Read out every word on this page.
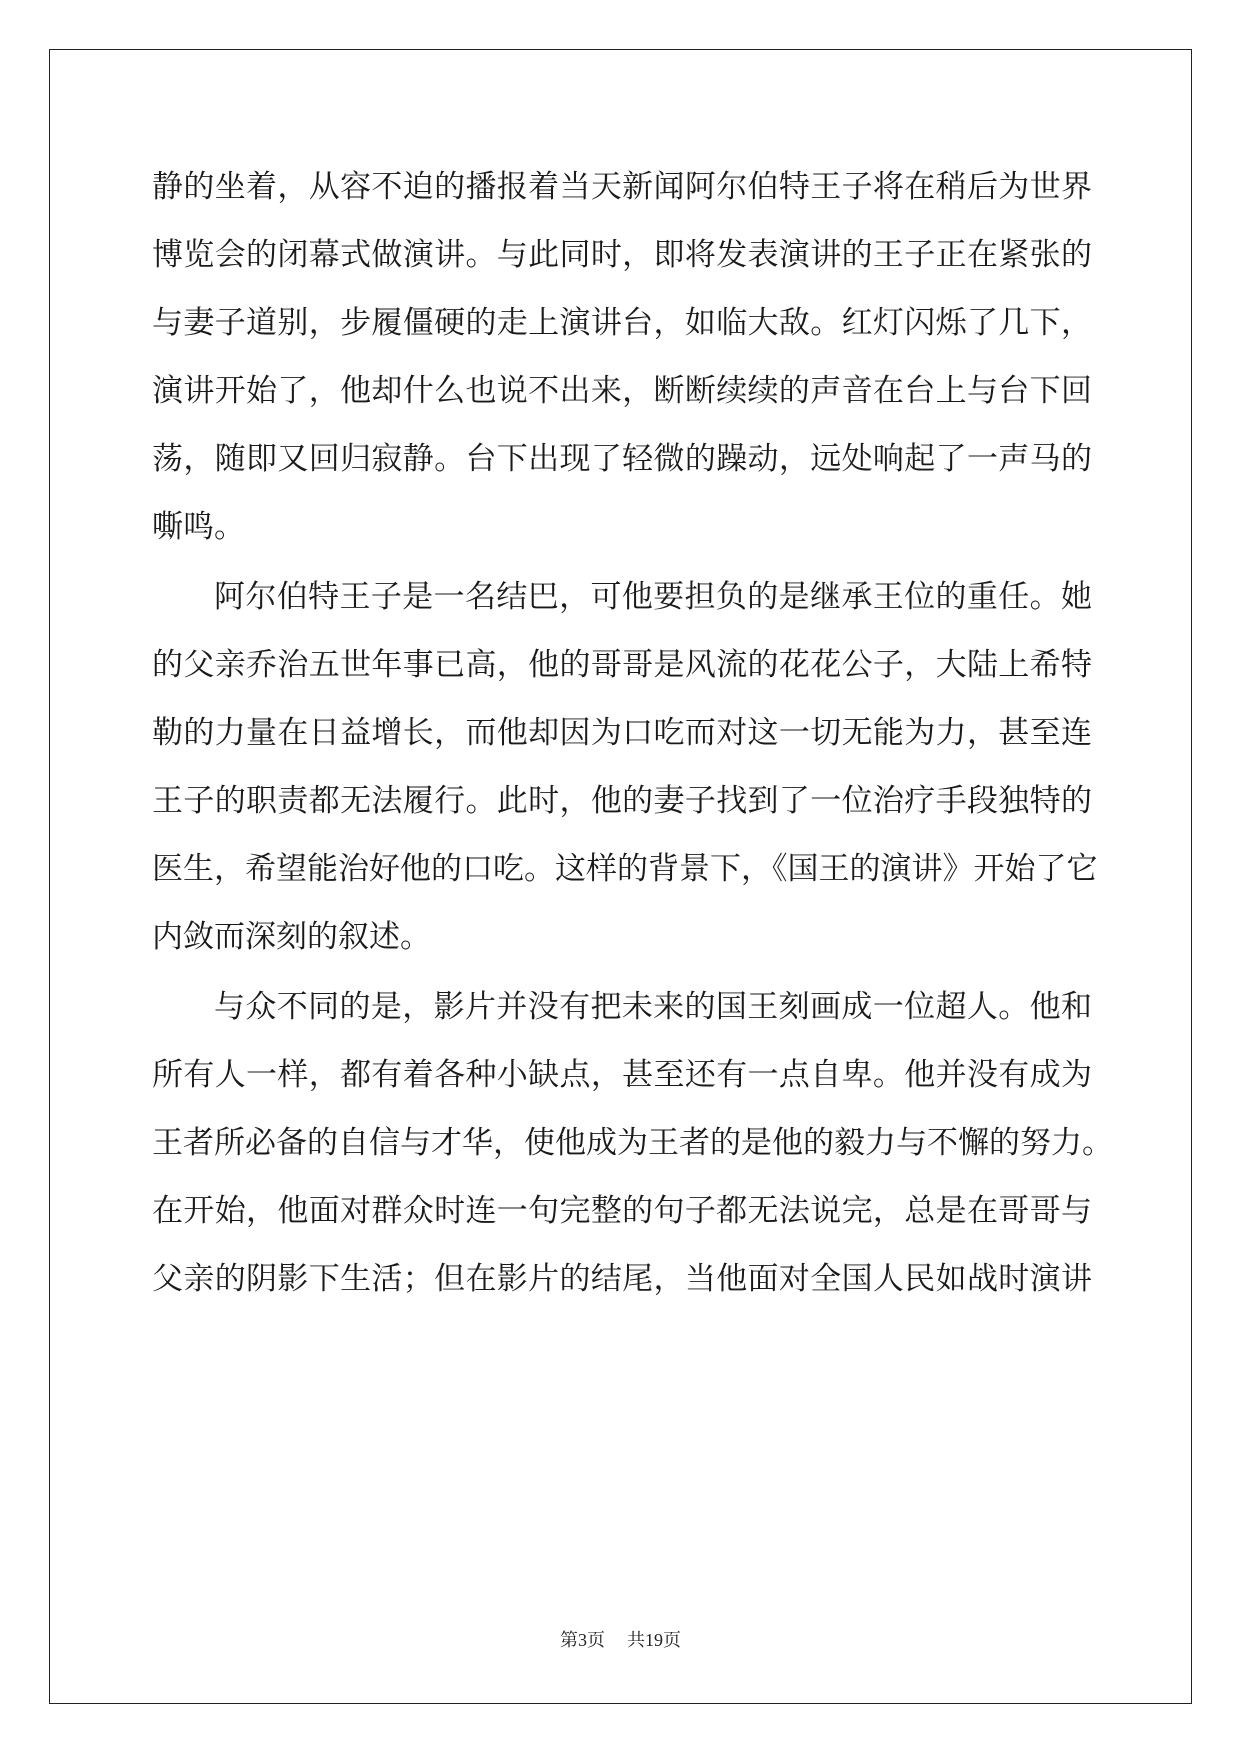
静的坐着，从容不迫的播报着当天新闻阿尔伯特王子将在稍后为世界
博览会的闭幕式做演讲。与此同时，即将发表演讲的王子正在紧张的
与妻子道别，步履僵硬的走上演讲台，如临大敌。红灯闪烁了几下，
演讲开始了，他却什么也说不出来，断断续续的声音在台上与台下回
荡，随即又回归寂静。台下出现了轻微的躁动，远处响起了一声马的
嘶鸣。
阿尔伯特王子是一名结巴，可他要担负的是继承王位的重任。她
的父亲乔治五世年事已高，他的哥哥是风流的花花公子，大陆上希特
勒的力量在日益增长，而他却因为口吃而对这一切无能为力，甚至连
王子的职责都无法履行。此时，他的妻子找到了一位治疗手段独特的
医生，希望能治好他的口吃。这样的背景下，《国王的演讲》开始了它
内敛而深刻的叙述。
与众不同的是，影片并没有把未来的国王刻画成一位超人。他和
所有人一样，都有着各种小缺点，甚至还有一点自卑。他并没有成为
王者所必备的自信与才华，使他成为王者的是他的毅力与不懈的努力。
在开始，他面对群众时连一句完整的句子都无法说完，总是在哥哥与
父亲的阴影下生活；但在影片的结尾，当他面对全国人民如战时演讲
第3页 共19页
